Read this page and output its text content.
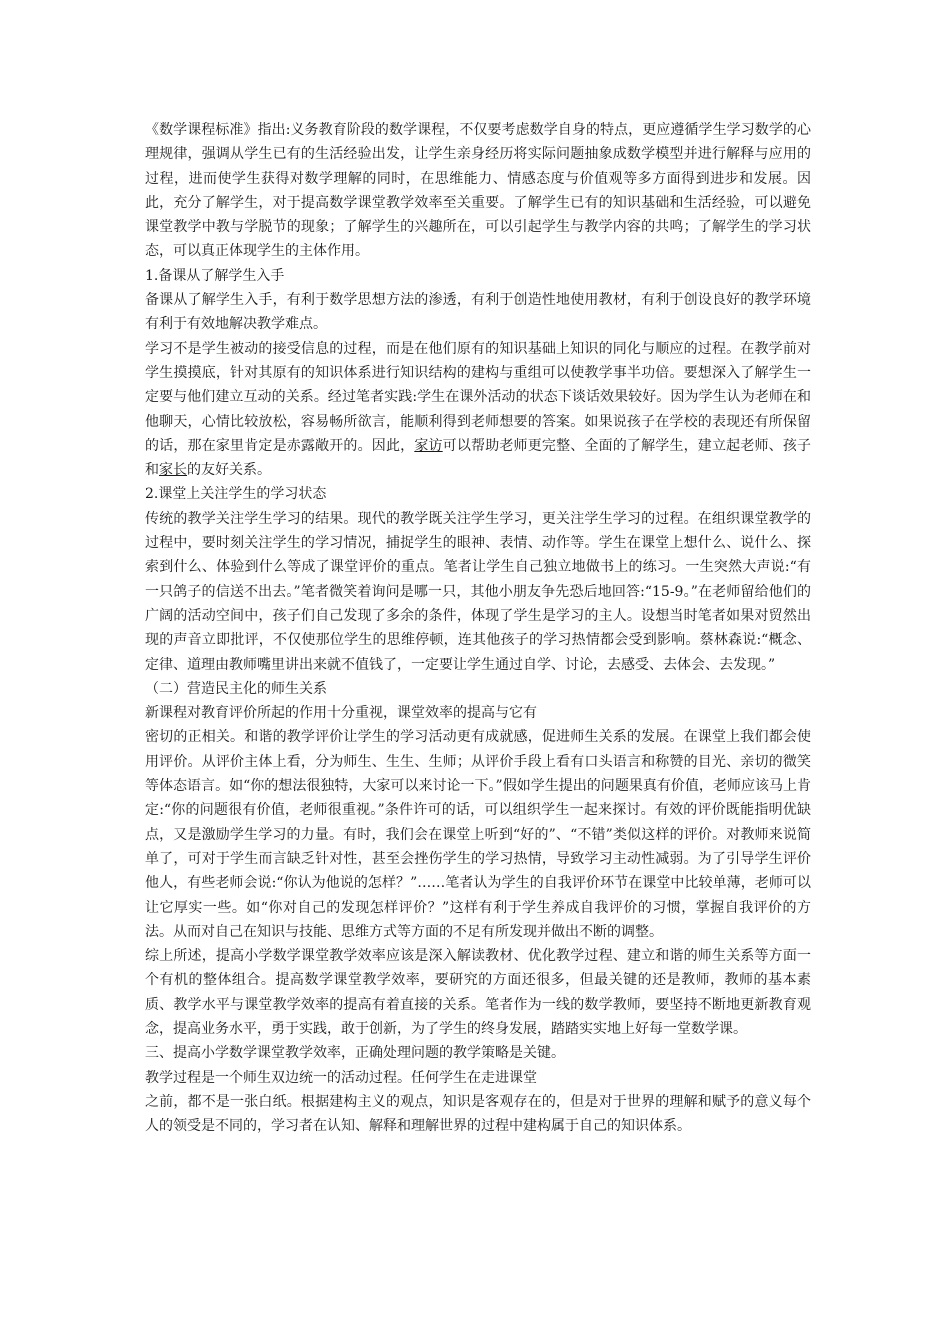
《数学课程标准》指出:义务教育阶段的数学课程，不仅要考虑数学自身的特点，更应遵循学生学习数学的心理规律，强调从学生已有的生活经验出发，让学生亲身经历将实际问题抽象成数学模型并进行解释与应用的过程，进而使学生获得对数学理解的同时，在思维能力、情感态度与价值观等多方面得到进步和发展。因此，充分了解学生，对于提高数学课堂教学效率至关重要。了解学生已有的知识基础和生活经验，可以避免课堂教学中教与学脱节的现象；了解学生的兴趣所在，可以引起学生与教学内容的共鸣；了解学生的学习状态，可以真正体现学生的主体作用。

1.备课从了解学生入手

备课从了解学生入手，有利于数学思想方法的渗透，有利于创造性地使用教材，有利于创设良好的教学环境有利于有效地解决教学难点。

学习不是学生被动的接受信息的过程，而是在他们原有的知识基础上知识的同化与顺应的过程。在教学前对学生摸摸底，针对其原有的知识体系进行知识结构的建构与重组可以使教学事半功倍。要想深入了解学生一定要与他们建立互动的关系。经过笔者实践:学生在课外活动的状态下谈话效果较好。因为学生认为老师在和他聊天，心情比较放松，容易畅所欲言，能顺利得到老师想要的答案。如果说孩子在学校的表现还有所保留的话，那在家里肯定是赤露敞开的。因此，家访可以帮助老师更完整、全面的了解学生，建立起老师、孩子和家长的友好关系。

2.课堂上关注学生的学习状态

传统的教学关注学生学习的结果。现代的教学既关注学生学习，更关注学生学习的过程。在组织课堂教学的过程中，要时刻关注学生的学习情况，捕捉学生的眼神、表情、动作等。学生在课堂上想什么、说什么、探索到什么、体验到什么等成了课堂评价的重点。笔者让学生自己独立地做书上的练习。一生突然大声说:“有一只鸽子的信送不出去。”笔者微笑着询问是哪一只，其他小朋友争先恐后地回答:“15-9。”在老师留给他们的广阔的活动空间中，孩子们自己发现了多余的条件，体现了学生是学习的主人。设想当时笔者如果对贸然出现的声音立即批评，不仅使那位学生的思维停顿，连其他孩子的学习热情都会受到影响。蔡林森说:“概念、定律、道理由教师嘴里讲出来就不值钱了，一定要让学生通过自学、讨论，去感受、去体会、去发现。”

（二）营造民主化的师生关系

新课程对教育评价所起的作用十分重视，课堂效率的提高与它有

密切的正相关。和谐的教学评价让学生的学习活动更有成就感，促进师生关系的发展。在课堂上我们都会使用评价。从评价主体上看，分为师生、生生、生师；从评价手段上看有口头语言和称赞的目光、亲切的微笑等体态语言。如“你的想法很独特，大家可以来讨论一下。”假如学生提出的问题果真有价值，老师应该马上肯定:“你的问题很有价值，老师很重视。”条件许可的话，可以组织学生一起来探讨。有效的评价既能指明优缺点，又是激励学生学习的力量。有时，我们会在课堂上听到“好的”、“不错”类似这样的评价。对教师来说简单了，可对于学生而言缺乏针对性，甚至会挫伤学生的学习热情，导致学习主动性减弱。为了引导学生评价他人，有些老师会说:“你认为他说的怎样？”……笔者认为学生的自我评价环节在课堂中比较单薄，老师可以让它厚实一些。如“你对自己的发现怎样评价？”这样有利于学生养成自我评价的习惯，掌握自我评价的方法。从而对自己在知识与技能、思维方式等方面的不足有所发现并做出不断的调整。

综上所述，提高小学数学课堂教学效率应该是深入解读教材、优化教学过程、建立和谐的师生关系等方面一个有机的整体组合。提高数学课堂教学效率，要研究的方面还很多，但最关键的还是教师，教师的基本素质、教学水平与课堂教学效率的提高有着直接的关系。笔者作为一线的数学教师，要坚持不断地更新教育观念，提高业务水平，勇于实践，敢于创新，为了学生的终身发展，踏踏实实地上好每一堂数学课。

三、提高小学数学课堂教学效率，正确处理问题的教学策略是关键。

教学过程是一个师生双边统一的活动过程。任何学生在走进课堂

之前，都不是一张白纸。根据建构主义的观点，知识是客观存在的，但是对于世界的理解和赋予的意义每个人的领受是不同的，学习者在认知、解释和理解世界的过程中建构属于自己的知识体系。
